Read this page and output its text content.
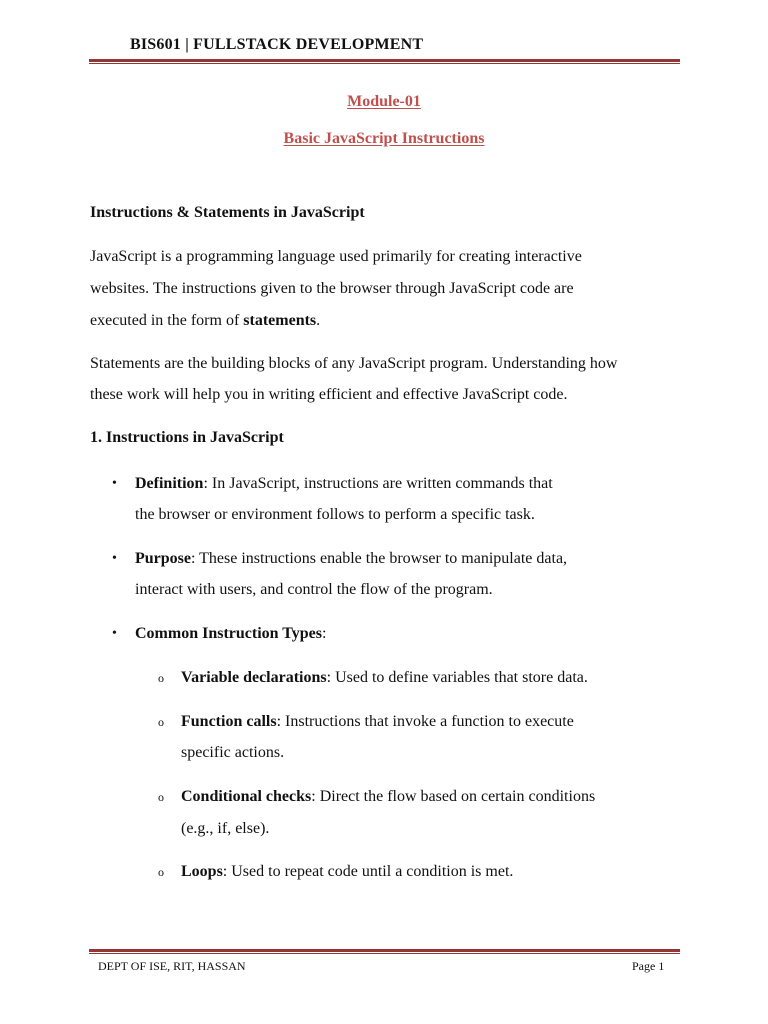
BIS601 | FULLSTACK DEVELOPMENT
Module-01
Basic JavaScript Instructions
Instructions & Statements in JavaScript
JavaScript is a programming language used primarily for creating interactive
websites. The instructions given to the browser through JavaScript code are
executed in the form of statements.
Statements are the building blocks of any JavaScript program. Understanding how
these work will help you in writing efficient and effective JavaScript code.
1. Instructions in JavaScript
• Definition: In JavaScript, instructions are written commands that
the browser or environment follows to perform a specific task.
• Purpose: These instructions enable the browser to manipulate data,
interact with users, and control the flow of the program.
• Common Instruction Types:
o Variable declarations: Used to define variables that store data.
o Function calls: Instructions that invoke a function to execute
specific actions.
o Conditional checks: Direct the flow based on certain conditions
(e.g., if, else).
o Loops: Used to repeat code until a condition is met.
DEPT OF ISE, RIT, HASSAN	Page 1
